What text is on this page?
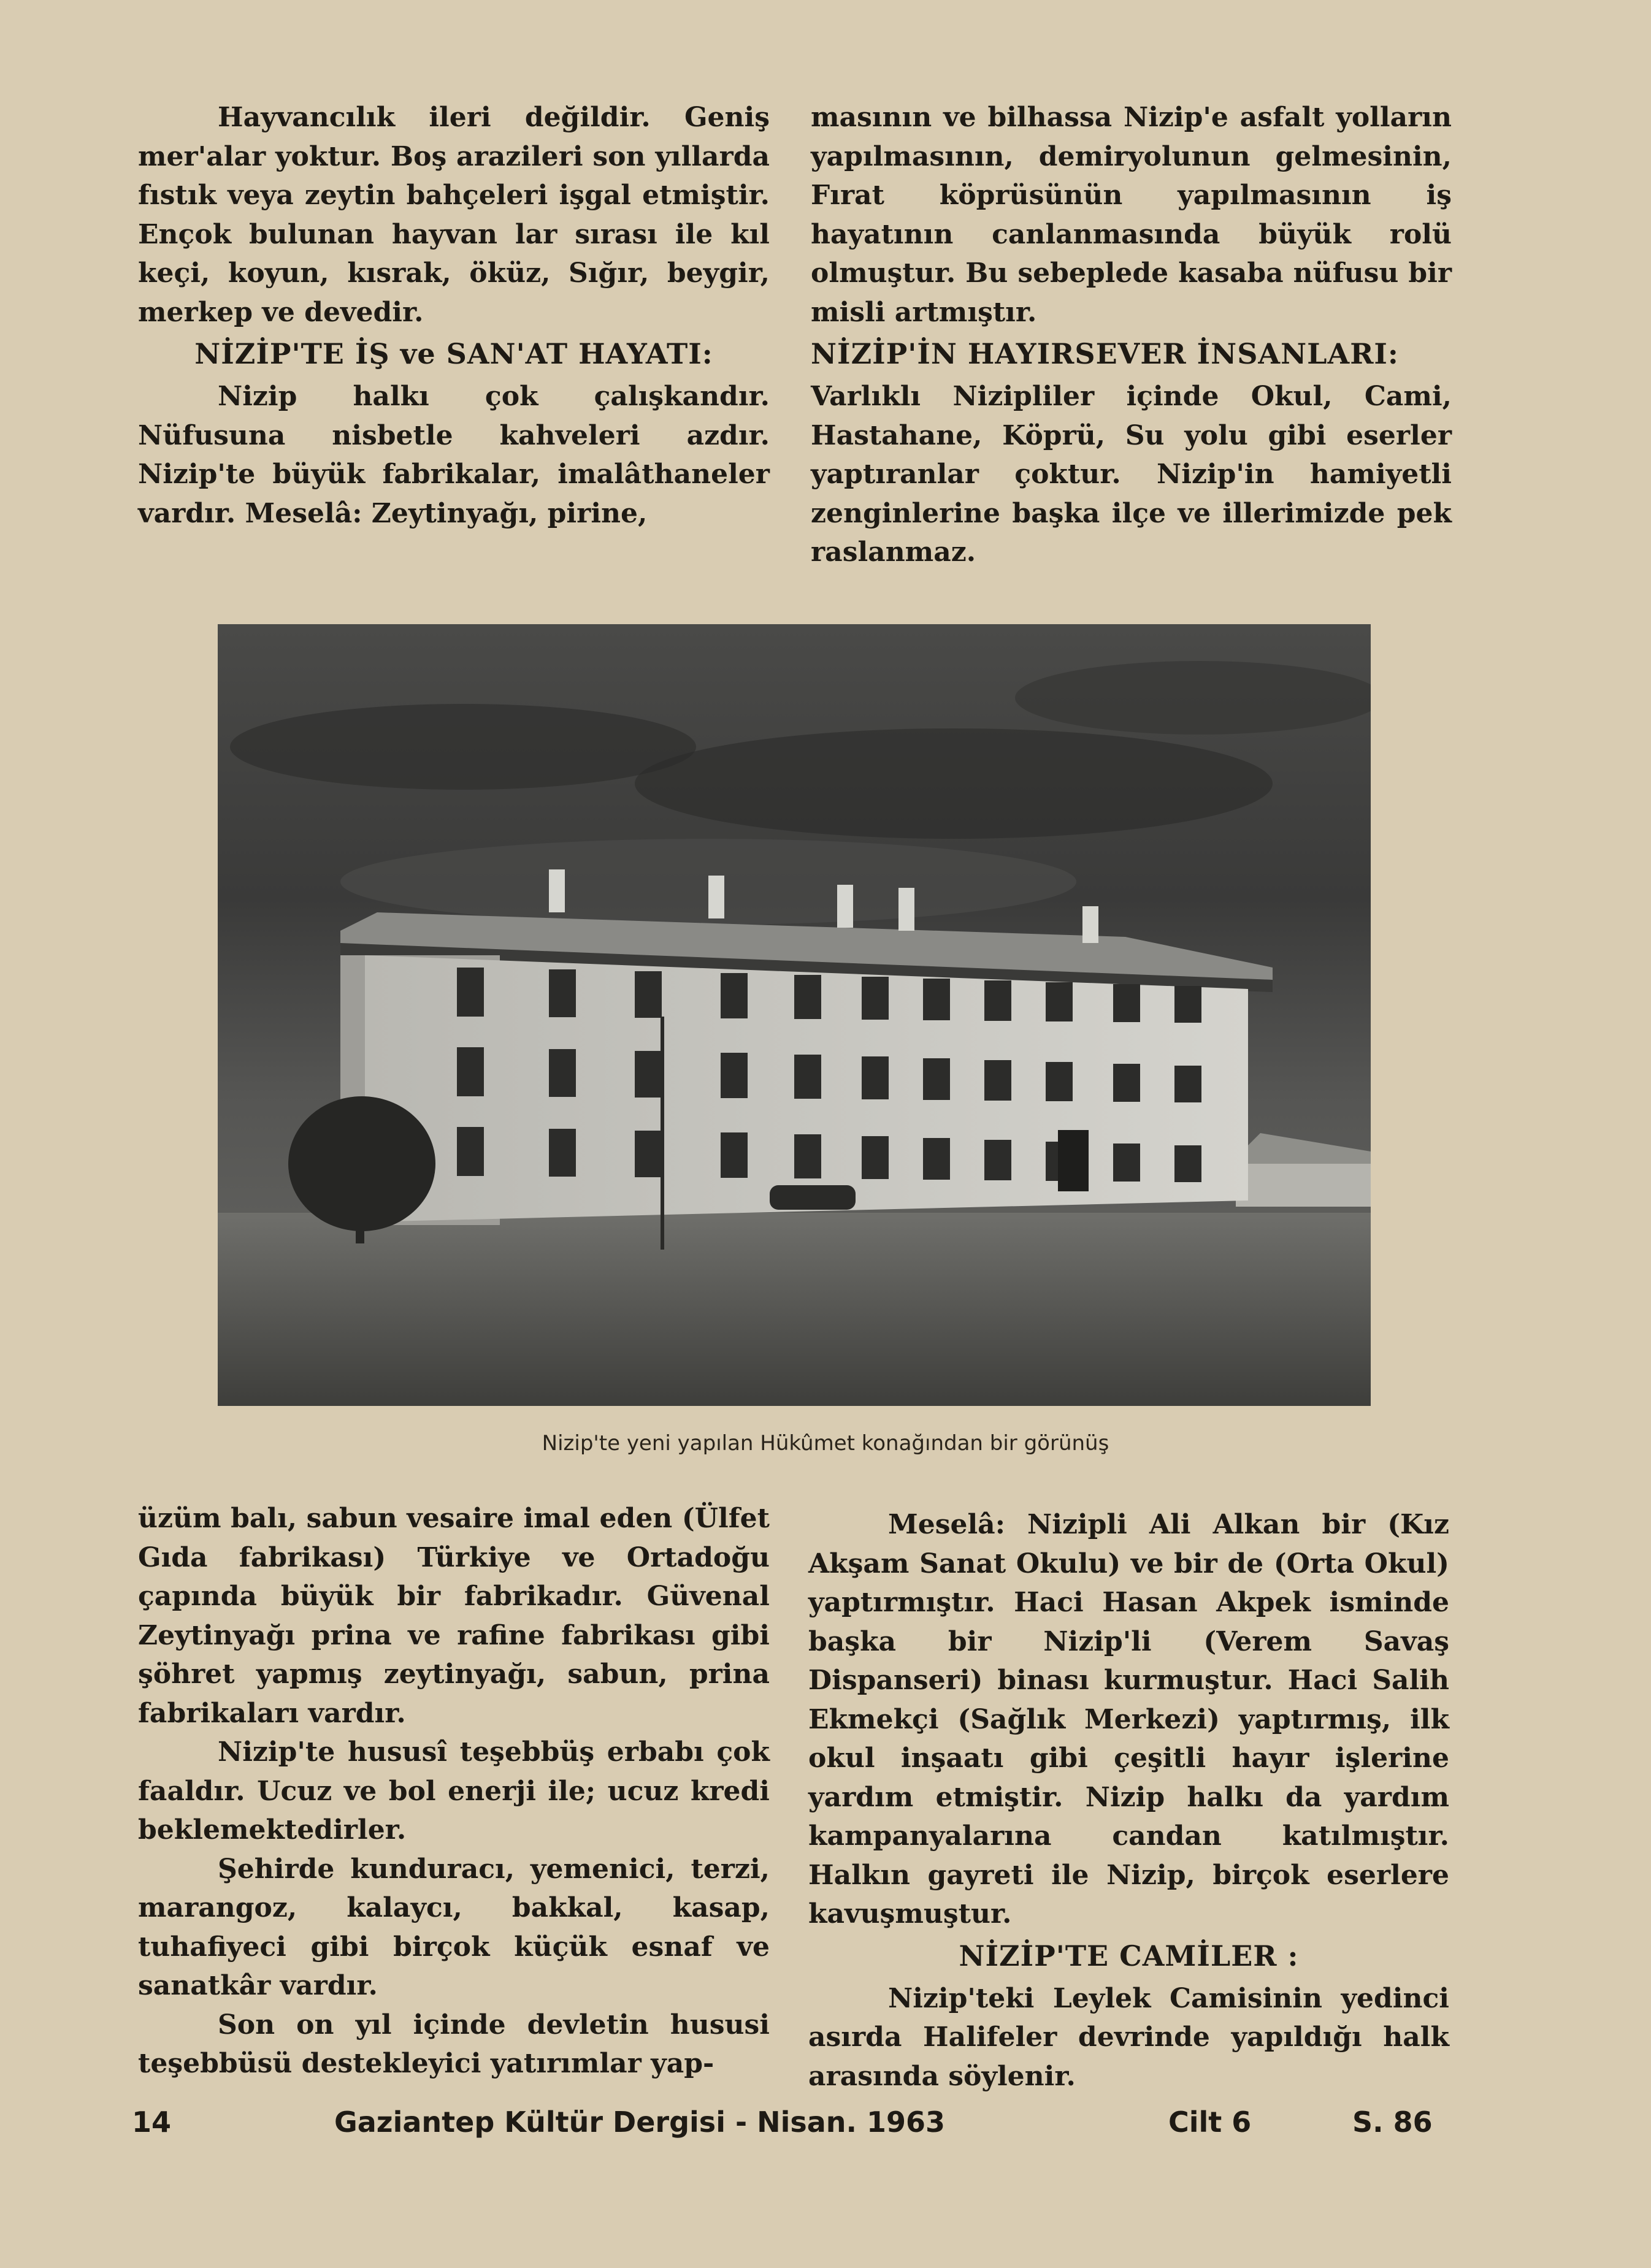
Hayvancılık ileri değildir. Geniş mer'alar yoktur. Boş arazileri son yıllarda fıstık veya zeytin bahçeleri işgal etmiştir. Ençok bulunan hayvan lar sırası ile kıl keçi, koyun, kısrak, öküz, Sığır, beygir, merkep ve devedir.

NİZİP'TE İŞ ve SAN'AT HAYATI:

Nizip halkı çok çalışkandır. Nüfusuna nisbetle kahveleri azdır. Nizip'te büyük fabrikalar, imalâthaneler vardır. Meselâ: Zeytinyağı, pirine,

masının ve bilhassa Nizip'e asfalt yolların yapılmasının, demiryolunun gelmesinin, Fırat köprüsünün yapılmasının iş hayatının canlanmasında büyük rolü olmuştur. Bu sebeplede kasaba nüfusu bir misli artmıştır.

NİZİP'İN HAYIRSEVER İNSANLARI:

Varlıklı Nizipliler içinde Okul, Cami, Hastahane, Köprü, Su yolu gibi eserler yaptıranlar çoktur. Nizip'in hamiyetli zenginlerine başka ilçe ve illerimizde pek raslanmaz.

Nizip'te yeni yapılan Hükûmet konağından bir görünüş

üzüm balı, sabun vesaire imal eden (Ülfet Gıda fabrikası) Türkiye ve Ortadoğu çapında büyük bir fabrikadır. Güvenal Zeytinyağı prina ve rafine fabrikası gibi şöhret yapmış zeytinyağı, sabun, prina fabrikaları vardır.

Nizip'te hususî teşebbüş erbabı çok faaldır. Ucuz ve bol enerji ile; ucuz kredi beklemektedirler.

Şehirde kunduracı, yemenici, terzi, marangoz, kalaycı, bakkal, kasap, tuhafiyeci gibi birçok küçük esnaf ve sanatkâr vardır.

Son on yıl içinde devletin hususi teşebbüsü destekleyici yatırımlar yap-

Meselâ: Nizipli Ali Alkan bir (Kız Akşam Sanat Okulu) ve bir de (Orta Okul) yaptırmıştır. Haci Hasan Akpek isminde başka bir Nizip'li (Verem Savaş Dispanseri) binası kurmuştur. Haci Salih Ekmekçi (Sağlık Merkezi) yaptırmış, ilk okul inşaatı gibi çeşitli hayır işlerine yardım etmiştir. Nizip halkı da yardım kampanyalarına candan katılmıştır. Halkın gayreti ile Nizip, birçok eserlere kavuşmuştur.

NİZİP'TE CAMİLER :

Nizip'teki Leylek Camisinin yedinci asırda Halifeler devrinde yapıldığı halk arasında söylenir.

14	Gaziantep Kültür Dergisi - Nisan. 1963	Cilt 6	S. 86
